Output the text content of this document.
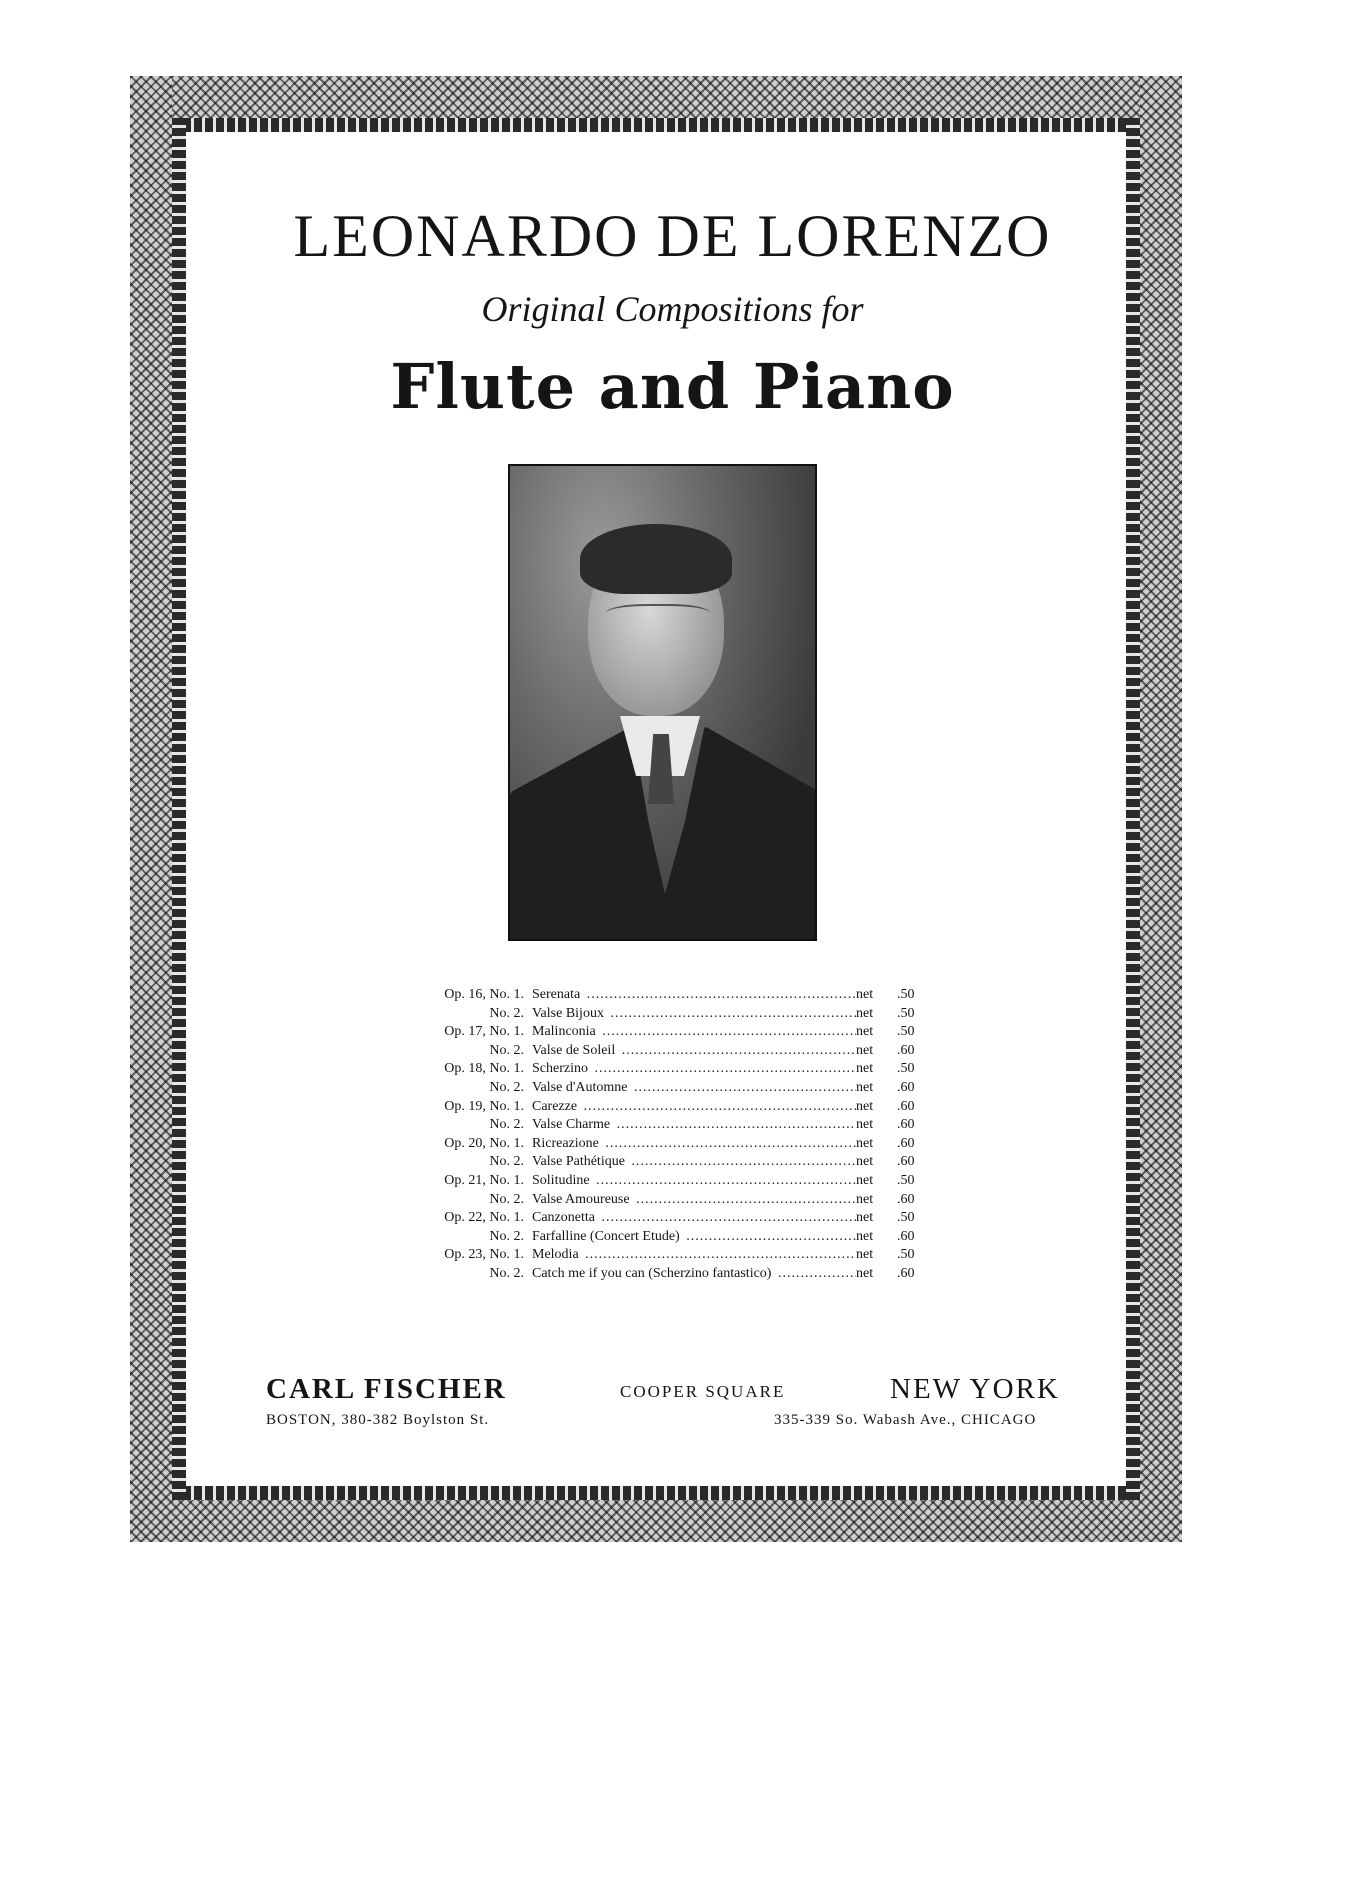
LEONARDO DE LORENZO

Original Compositions for

Flute and Piano
Op. 16, No. 1. Serenata .....	net	.50
No. 2. Valse Bijoux .....	net	.50
Op. 17, No. 1. Malinconia .....	net	.50
No. 2. Valse de Soleil .....	net	.60
Op. 18, No. 1. Scherzino .....	net	.50
No. 2. Valse d'Automne .....	net	.60
Op. 19, No. 1. Carezze .....	net	.60
No. 2. Valse Charme .....	net	.60
Op. 20, No. 1. Ricreazione .....	net	.60
No. 2. Valse Pathétique .....	net	.60
Op. 21, No. 1. Solitudine .....	net	.50
No. 2. Valse Amoureuse .....	net	.60
Op. 22, No. 1. Canzonetta .....	net	.50
No. 2. Farfalline (Concert Etude) .....	net	.60
Op. 23, No. 1. Melodia .....	net	.50
No. 2. Catch me if you can (Scherzino fantastico) .....	net	.60
CARL FISCHER	COOPER SQUARE	NEW YORK
BOSTON, 380-382 Boylston St.	335-339 So. Wabash Ave., CHICAGO
